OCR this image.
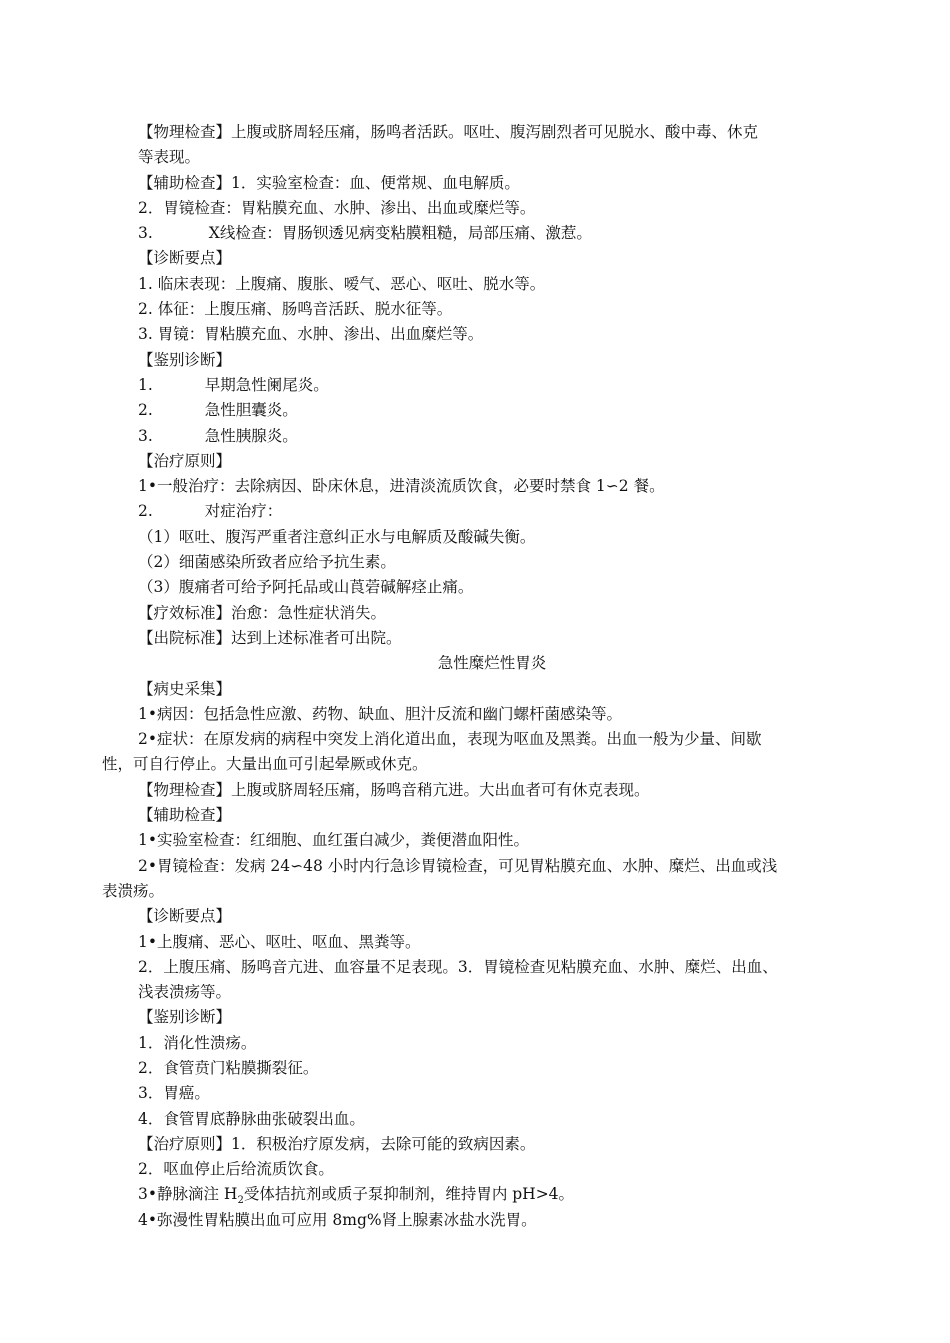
【物理检查】上腹或脐周轻压痛，肠鸣者活跃。呕吐、腹泻剧烈者可见脱水、酸中毒、休克
等表现。
【辅助检查】1．实验室检查：血、便常规、血电解质。
2．胃镜检查：胃粘膜充血、水肿、渗出、出血或糜烂等。
3.	X线检查：胃肠钡透见病变粘膜粗糙，局部压痛、激惹。
【诊断要点】
1. 临床表现：上腹痛、腹胀、嗳气、恶心、呕吐、脱水等。
2. 体征：上腹压痛、肠鸣音活跃、脱水征等。
3. 胃镜：胃粘膜充血、水肿、渗出、出血糜烂等。
【鉴别诊断】
1.	早期急性阑尾炎。
2.	急性胆囊炎。
3.	急性胰腺炎。
【治疗原则】
1•一般治疗：去除病因、卧床休息，进清淡流质饮食，必要时禁食 1∽2 餐。
2.	对症治疗：
（1）呕吐、腹泻严重者注意纠正水与电解质及酸碱失衡。
（2）细菌感染所致者应给予抗生素。
（3）腹痛者可给予阿托品或山莨菪碱解痉止痛。
【疗效标准】治愈：急性症状消失。
【出院标准】达到上述标准者可出院。
急性糜烂性胃炎
【病史采集】
1•病因：包括急性应激、药物、缺血、胆汁反流和幽门螺杆菌感染等。
2•症状：在原发病的病程中突发上消化道出血，表现为呕血及黑粪。出血一般为少量、间歇
性，可自行停止。大量出血可引起晕厥或休克。
【物理检查】上腹或脐周轻压痛，肠鸣音稍亢进。大出血者可有休克表现。
【辅助检查】
1•实验室检查：红细胞、血红蛋白减少，粪便潜血阳性。
2•胃镜检查：发病 24∽48 小时内行急诊胃镜检查，可见胃粘膜充血、水肿、糜烂、出血或浅
表溃疡。
【诊断要点】
1•上腹痛、恶心、呕吐、呕血、黑粪等。
2．上腹压痛、肠鸣音亢进、血容量不足表现。3．胃镜检查见粘膜充血、水肿、糜烂、出血、
浅表溃疡等。
【鉴别诊断】
1．消化性溃疡。
2．食管贲门粘膜撕裂征。
3．胃癌。
4．食管胃底静脉曲张破裂出血。
【治疗原则】1．积极治疗原发病，去除可能的致病因素。
2．呕血停止后给流质饮食。
3•静脉滴注 $H_2$受体拮抗剂或质子泵抑制剂，维持胃内 pH>4。
4•弥漫性胃粘膜出血可应用 8mg%肾上腺素冰盐水洗胃。
